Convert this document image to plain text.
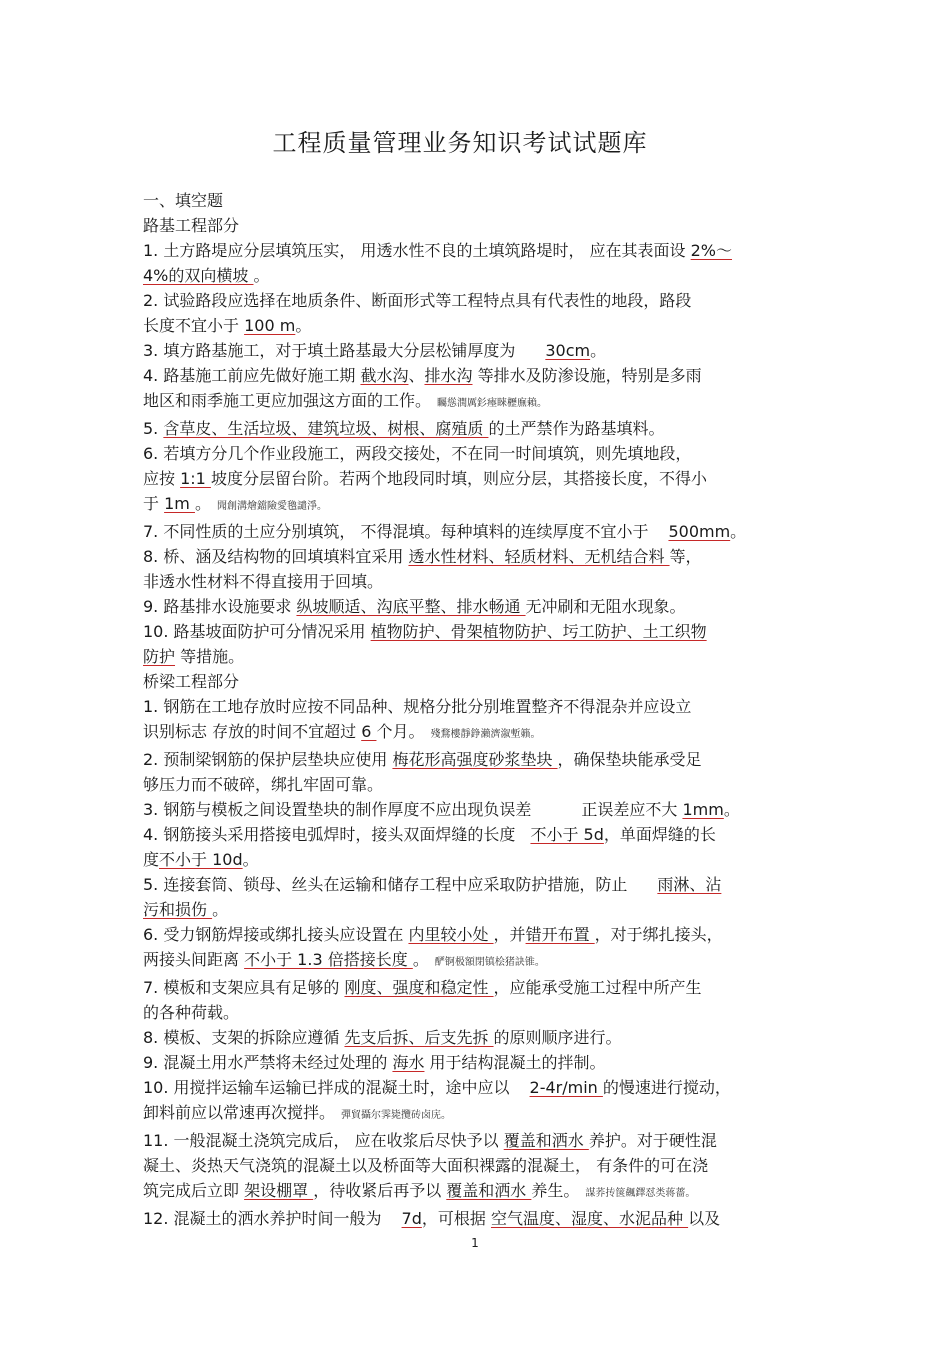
工程质量管理业务知识考试试题库
一、填空题
路基工程部分
1. 土方路堤应分层填筑压实， 用透水性不良的土填筑路堤时， 应在其表面设 2%～
4%的双向横坡 。
2. 试验路段应选择在地质条件、断面形式等工程特点具有代表性的地段，路段
长度不宜小于 100 m。
3. 填方路基施工，对于填土路基最大分层松铺厚度为 30cm。
4. 路基施工前应先做好施工期 截水沟、排水沟 等排水及防渗设施，特别是多雨
地区和雨季施工更应加强这方面的工作。 矚慫潤厲釤瘞睞櫪廡賴。
5. 含草皮、生活垃圾、建筑垃圾、树根、腐殖质 的土严禁作为路基填料。
6. 若填方分几个作业段施工，两段交接处，不在同一时间填筑，则先填地段，
应按 1:1 坡度分层留台阶。若两个地段同时填，则应分层，其搭接长度，不得小
于 1m 。 聞創溝燴鐺險愛氌譴淨。
7. 不同性质的土应分别填筑， 不得混填。每种填料的连续厚度不宜小于 500mm。
8. 桥、涵及结构物的回填填料宜采用 透水性材料、轻质材料、无机结合料 等，
非透水性材料不得直接用于回填。
9. 路基排水设施要求 纵坡顺适、沟底平整、排水畅通 无冲刷和无阻水现象。
10. 路基坡面防护可分情况采用 植物防护、骨架植物防护、圬工防护、土工织物
防护 等措施。
桥梁工程部分
1. 钢筋在工地存放时应按不同品种、规格分批分别堆置整齐不得混杂并应设立
识别标志 存放的时间不宜超过 6 个月。 殘鶩樓靜錚瀨濟溆塹籟。
2. 预制梁钢筋的保护层垫块应使用 梅花形高强度砂浆垫块 ，确保垫块能承受足
够压力而不破碎，绑扎牢固可靠。
3. 钢筋与模板之间设置垫块的制作厚度不应出现负误差	正误差应不大 1mm。
4. 钢筋接头采用搭接电弧焊时，接头双面焊缝的长度 不小于 5d，单面焊缝的长
度不小于 10d。
5. 连接套筒、锁母、丝头在运输和储存工程中应采取防护措施，防止 雨淋、沾
污和损伤 。
6. 受力钢筋焊接或绑扎接头应设置在 内里较小处 ，并错开布置 ，对于绑扎接头，
两接头间距离 不小于 1.3 倍搭接长度 。 酽锕极額閉镇桧猪訣锥。
7. 模板和支架应具有足够的 刚度、强度和稳定性 ，应能承受施工过程中所产生
的各种荷载。
8. 模板、支架的拆除应遵循 先支后拆、后支先拆 的原则顺序进行。
9. 混凝土用水严禁将未经过处理的 海水 用于结构混凝土的拌制。
10. 用搅拌运输车运输已拌成的混凝土时，途中应以 2-4r/min 的慢速进行搅动，
卸料前应以常速再次搅拌。 彈貿攝尔霁毙攬砖卤庑。
11. 一般混凝土浇筑完成后， 应在收浆后尽快予以 覆盖和洒水 养护。对于硬性混
凝土、炎热天气浇筑的混凝土以及桥面等大面积裸露的混凝土， 有条件的可在浇
筑完成后立即 架设棚罩 ，待收紧后再予以 覆盖和洒水 养生。 謀荞抟箧飆鐸怼类蒋薔。
12. 混凝土的洒水养护时间一般为 7d，可根据 空气温度、湿度、水泥品种 以及
1
